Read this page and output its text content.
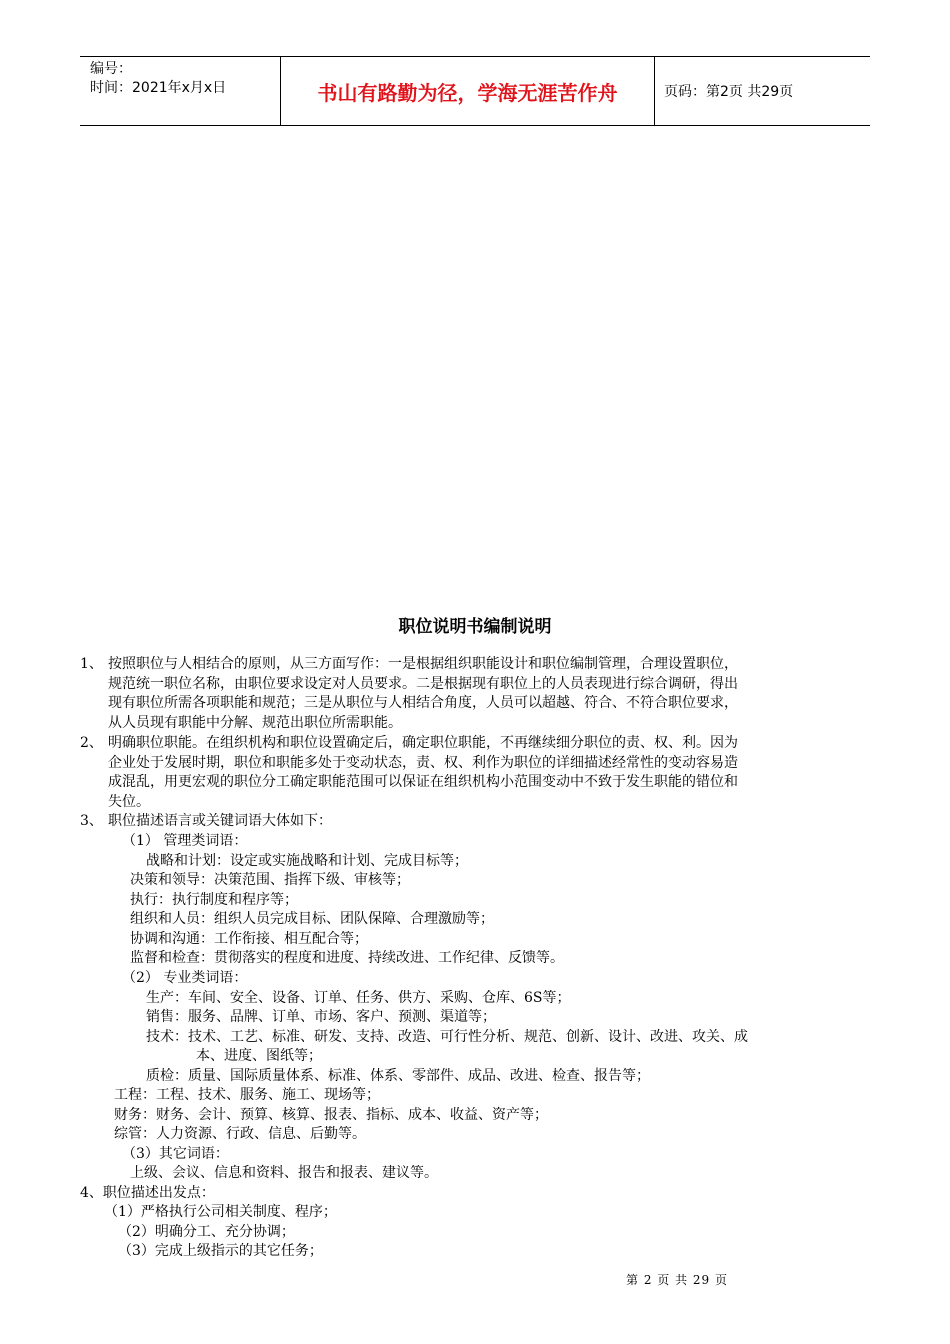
编号：
时间：2021年x月x日	书山有路勤为径，学海无涯苦作舟	页码：第2页 共29页
职位说明书编制说明
1、 按照职位与人相结合的原则，从三方面写作：一是根据组织职能设计和职位编制管理，合理设置职位，
规范统一职位名称，由职位要求设定对人员要求。二是根据现有职位上的人员表现进行综合调研，得出
现有职位所需各项职能和规范；三是从职位与人相结合角度，人员可以超越、符合、不符合职位要求，
从人员现有职能中分解、规范出职位所需职能。
2、 明确职位职能。在组织机构和职位设置确定后，确定职位职能，不再继续细分职位的责、权、利。因为
企业处于发展时期，职位和职能多处于变动状态，责、权、利作为职位的详细描述经常性的变动容易造
成混乱，用更宏观的职位分工确定职能范围可以保证在组织机构小范围变动中不致于发生职能的错位和
失位。
3、 职位描述语言或关键词语大体如下：
（1） 管理类词语：
战略和计划：设定或实施战略和计划、完成目标等；
决策和领导：决策范围、指挥下级、审核等；
执行：执行制度和程序等；
组织和人员：组织人员完成目标、团队保障、合理激励等；
协调和沟通：工作衔接、相互配合等；
监督和检查：贯彻落实的程度和进度、持续改进、工作纪律、反馈等。
（2） 专业类词语：
生产：车间、安全、设备、订单、任务、供方、采购、仓库、6S等；
销售：服务、品牌、订单、市场、客户、预测、渠道等；
技术：技术、工艺、标准、研发、支持、改造、可行性分析、规范、创新、设计、改进、攻关、成
本、进度、图纸等；
质检：质量、国际质量体系、标准、体系、零部件、成品、改进、检查、报告等；
工程：工程、技术、服务、施工、现场等；
财务：财务、会计、预算、核算、报表、指标、成本、收益、资产等；
综管：人力资源、行政、信息、后勤等。
（3）其它词语：
上级、会议、信息和资料、报告和报表、建议等。
4、职位描述出发点：
（1）严格执行公司相关制度、程序；
（2）明确分工、充分协调；
（3）完成上级指示的其它任务；
第 2 页 共 29 页
